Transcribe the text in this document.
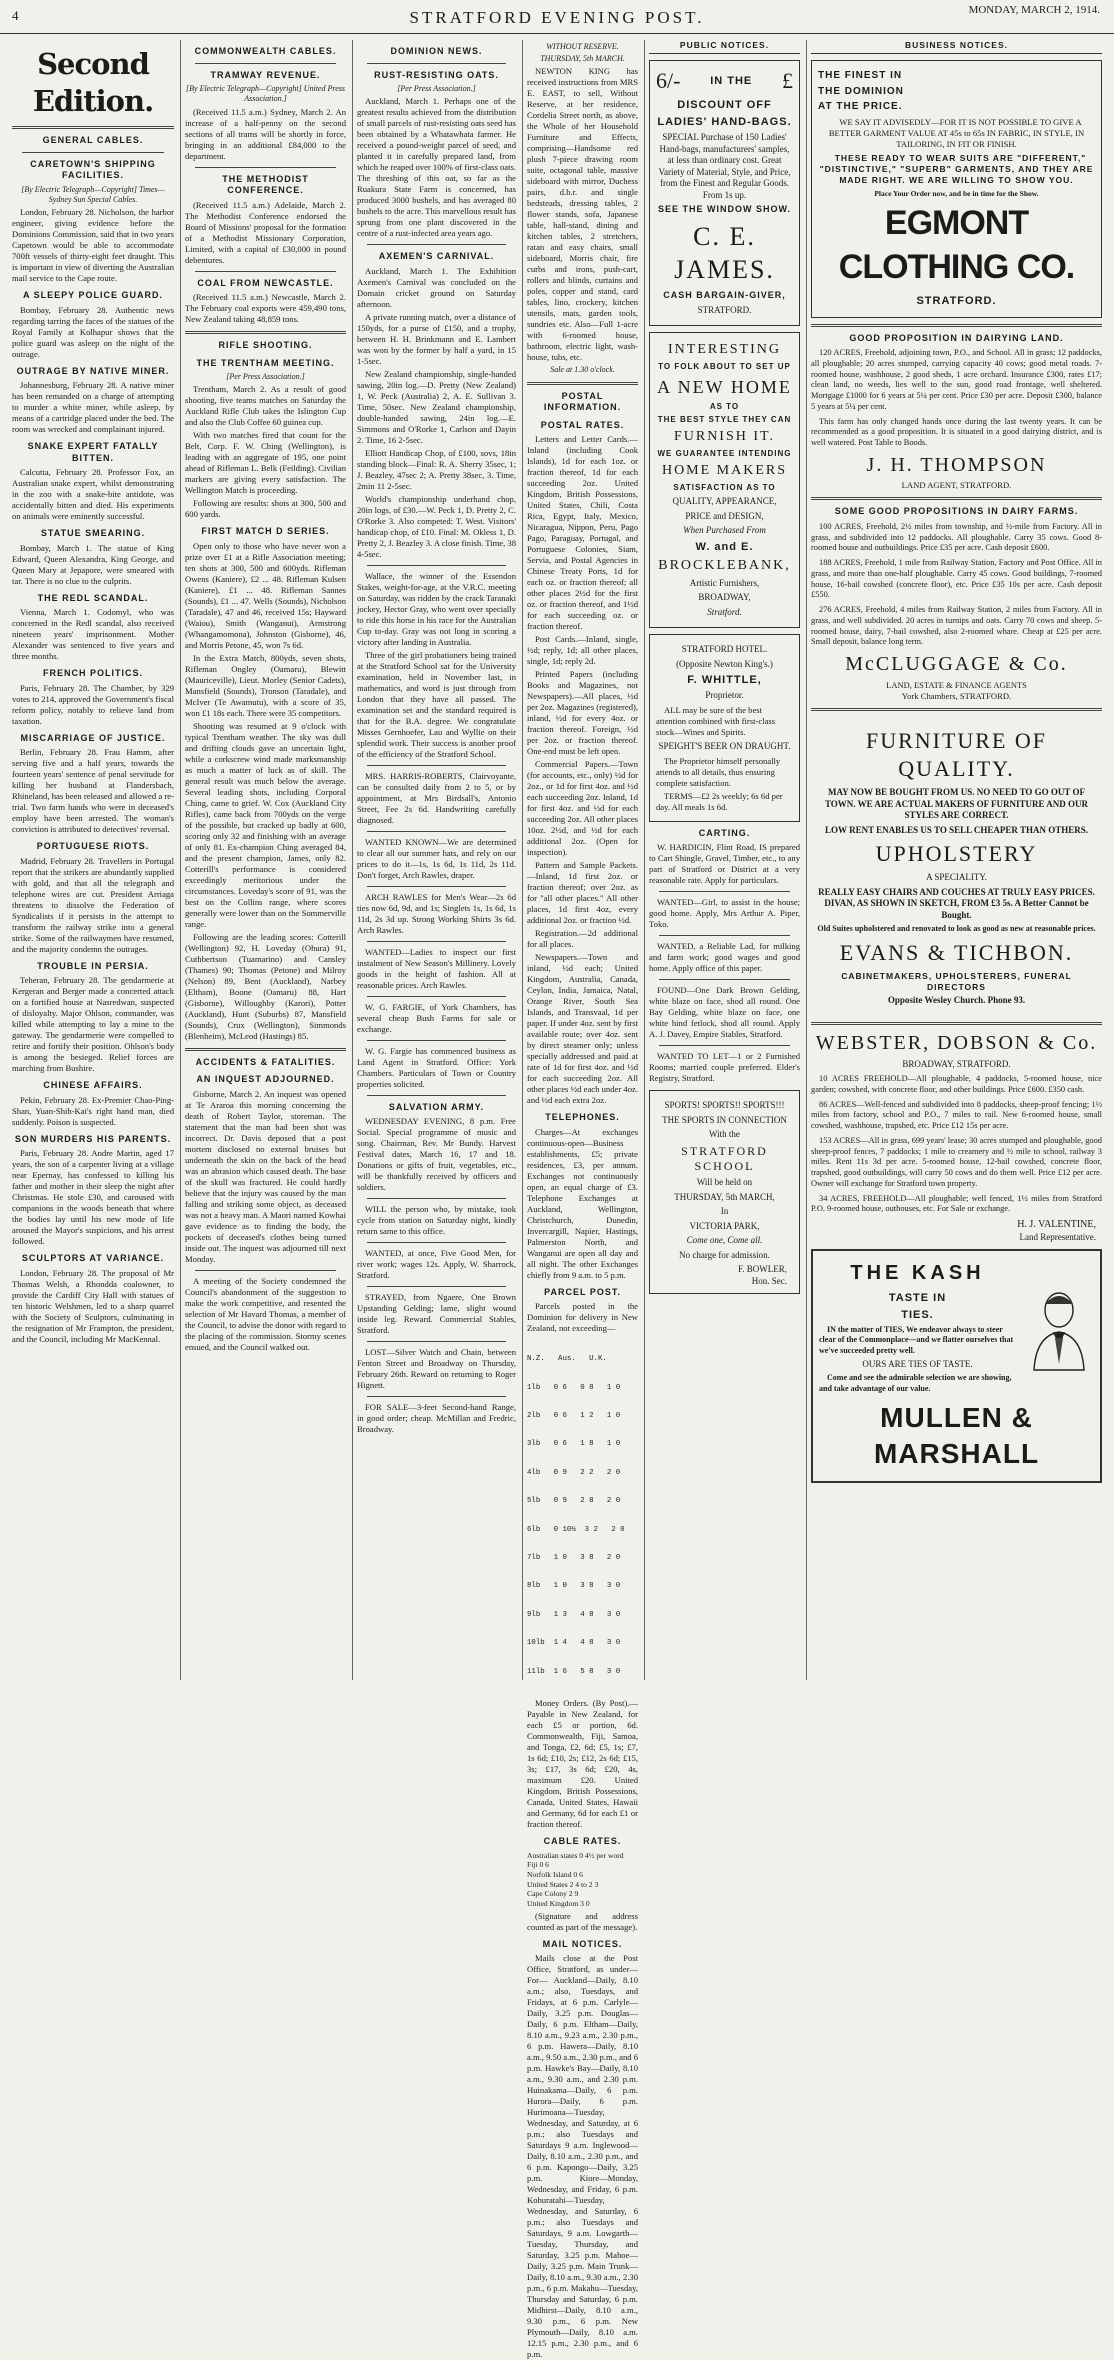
4	STRATFORD EVENING POST.	MONDAY, MARCH 2, 1914.
Second Edition.
GENERAL CABLES.
CARETOWN'S SHIPPING FACILITIES.
[By Electric Telegraph—Copyright] Times—Sydney Sun Special Cables.

London, February 28. Nicholson, the harbor engineer, giving evidence before the Dominions Commission, said that in two years Capetown would be able to accommodate 700ft vessels of thirty-eight feet draught. This is important in view of diverting the Australian mail service to the Cape route.

A SLEEPY POLICE GUARD.

Bombay, February 28. Authentic news regarding tarring the faces of the statues of the Royal Family at Kolhapur shows that the police guard was asleep on the night of the outrage.

OUTRAGE BY NATIVE MINER.

Johannesburg, February 28. A native miner has been remanded on a charge of attempting to murder a white miner, while asleep, by means of a cartridge placed under the bed. The room was wrecked and complainant injured.

SNAKE EXPERT FATALLY BITTEN.

Calcutta, February 28. Professor Fox, an Australian snake expert, whilst demonstrating in the zoo with a snake-bite antidote, was accidentally bitten and died. His experiments on animals were eminently successful.

STATUE SMEARING.

Bombay, March 1. The statue of King Edward, Queen Alexandra, King George, and Queen Mary at Jepapore, were smeared with tar. There is no clue to the culprits.

THE REDL SCANDAL.

Vienna, March 1. Codomyl, who was concerned in the Redl scandal, also received nineteen years' imprisonment. Mother Alexander was sentenced to five years and three months.

FRENCH POLITICS.

Paris, February 28. The Chamber, by 329 votes to 214, approved the Government's fiscal reform policy, notably to relieve land from taxation.

MISCARRIAGE OF JUSTICE.

Berlin, February 28. Frau Hamm, after serving five and a half years, towards the fourteen years' sentence of penal servitude for killing her husband at Flandersbach, Rhineland, has been released and allowed a re-trial. Two farm hands who were in deceased's employ have been arrested. The woman's conviction is attributed to detectives' reversal.

PORTUGUESE RIOTS.

Madrid, February 28. Travellers in Portugal report that the strikers are abundantly supplied with gold, and that all the telegraph and telephone wires are cut. President Arriaga threatens to dissolve the Federation of Syndicalists if it persists in the attempt to transform the railway strike into a general strike. Some of the railwaymen have resumed, and the majority condemn the outrages.

TROUBLE IN PERSIA.

Teheran, February 28. The gendarmerie at Kergeran and Berger made a concerted attack on a fortified house at Nasredwan, suspected of disloyalty. Major Ohlson, commander, was killed while attempting to lay a mine to the gateway. The gendarmerie were compelled to retire and fortify their position. Ohlson's body is among the besieged. Relief forces are marching from Bushire.

CHINESE AFFAIRS.

Pekin, February 28. Ex-Premier Chao-Ping-Shan, Yuan-Shih-Kai's right hand man, died suddenly. Poison is suspected.

SON MURDERS HIS PARENTS.

Paris, February 28. Andre Martin, aged 17 years, the son of a carpenter living at a village near Epernay, has confessed to killing his father and mother in their sleep the night after Christmas. He stole £30, and caroused with companions in the woods beneath that where the bodies lay until his new mode of life aroused the Mayor's suspicions, and his arrest followed.

SCULPTORS AT VARIANCE.

London, February 28. The proposal of Mr Thomas Welsh, a Rhondda coalowner, to provide the Cardiff City Hall with statues of ten historic Welshmen, led to a sharp quarrel with the Society of Sculptors, culminating in the resignation of Mr Frampton, the president, and the Council, including Mr MacKennal.

COMMONWEALTH CABLES.
TRAMWAY REVENUE.
[By Electric Telegraph—Copyright] United Press Association.]

(Received 11.5 a.m.) Sydney, March 2. An increase of a half-penny on the second sections of all trams will be shortly in force, bringing in an additional £84,000 to the department.

THE METHODIST CONFERENCE.

(Received 11.5 a.m.) Adelaide, March 2. The Methodist Conference endorsed the Board of Missions' proposal for the formation of a Methodist Missionary Corporation, Limited, with a capital of £30,000 in pound debentures.

COAL FROM NEWCASTLE.

(Received 11.5 a.m.) Newcastle, March 2. The February coal exports were 459,490 tons, New Zealand taking 48,859 tons.

RIFLE SHOOTING.
THE TRENTHAM MEETING.
[Per Press Association.]

Trentham, March 2. As a result of good shooting, five teams matches on Saturday the Auckland Rifle Club takes the Islington Cup and also the Club Coffee 60 guinea cup.

With two matches fired that count for the Belt, Corp. F. W. Ching (Wellington), is leading with an aggregate of 195, one point ahead of Rifleman L. Belk (Feilding). Civilian markers are giving every satisfaction. The Wellington Match is proceeding.

Following are results: shots at 300, 500 and 600 yards.

FIRST MATCH D SERIES.

Open only to those who have never won a prize over £1 at a Rifle Association meeting; ten shots at 300, 500 and 600yds. Rifleman Owens (Kaniere), £2 ... 48. Rifleman Kulsen (Kaniere), £1 ... 48. Rifleman Sannes (Sounds), £1 ... 47. Wells (Sounds), Nicholson (Taradale), 47 and 46, received 15s; Hayward (Waiou), Smith (Wanganui), Armstrong (Whangamomona), Johnston (Gisborne), 46, and Morris Petone, 45, won 7s 6d.

In the Extra Match, 800yds, seven shots, Rifleman Ongley (Oamaru), Blewitt (Mauriceville), Lieut. Morley (Senior Cadets), Mansfield (Sounds), Tronson (Taradale), and McIver (Te Awamutu), with a score of 35, won £1 18s each. There were 35 competitors.

Shooting was resumed at 9 o'clock with typical Trentham weather. The sky was dull and drifting clouds gave an uncertain light, while a corkscrew wind made marksmanship as much a matter of luck as of skill. The general result was much below the average. Several leading shots, including Corporal Ching, came to grief. W. Cox (Auckland City Rifles), came back from 700yds on the verge of the possible, but cracked up badly at 600, scoring only 32 and finishing with an average of only 81. Ex-champion Ching averaged 84, and the present champion, James, only 82. Cotterill's performance is considered exceedingly meritorious under the circumstances. Loveday's score of 91, was the best on the Collins range, where scores generally were lower than on the Sommerville range.

Following are the leading scores: Cotterill (Wellington) 92, H. Loveday (Ohura) 91, Cuthbertson (Tuamarino) and Cansley (Thames) 90; Thomas (Petone) and Milroy (Nelson) 89, Bent (Auckland), Narbey (Eltham), Boone (Oamaru) 88, Hart (Gisborne), Willoughby (Karori), Potter (Auckland), Hunt (Suburbs) 87, Mansfield (Sounds), Crux (Wellington), Simmonds (Blenheim), McLeod (Hastings) 85.

ACCIDENTS & FATALITIES.
AN INQUEST ADJOURNED.

Gisborne, March 2. An inquest was opened at Te Araroa this morning concerning the death of Robert Taylor, storeman. The statement that the man had been shot was incorrect. Dr. Davis deposed that a post mortem disclosed no external bruises but underneath the skin on the back of the head was an abrasion which caused death. The base of the skull was fractured. He could hardly believe that the injury was caused by the man falling and striking some object, as deceased was not a heavy man. A Maori named Kowhai gave evidence as to finding the body, the pockets of deceased's clothes being turned inside out. The inquest was adjourned till next Monday.

A meeting of the Society condemned the Council's abandonment of the suggestion to make the work competitive, and resented the selection of Mr Havard Thomas, a member of the Council, to advise the donor with regard to the placing of the commission. Stormy scenes ensued, and the Council walked out.

DOMINION NEWS.
RUST-RESISTING OATS.
[Per Press Association.]

Auckland, March 1. Perhaps one of the greatest results achieved from the distribution of small parcels of rust-resisting oats seed has been obtained by a Whatawhata farmer. He received a pound-weight parcel of seed, and planted it in carefully prepared land, from which he reaped over 100% of first-class oats. The threshing of this oat, so far as the Ruakura State Farm is concerned, has produced 3000 bushels, and has averaged 80 bushels to the acre. This marvellous result has sprung from one plant discovered in the centre of a rust-infected area years ago.

AXEMEN'S CARNIVAL.

Auckland, March 1. The Exhibition Axemen's Carnival was concluded on the Domain cricket ground on Saturday afternoon.

A private running match, over a distance of 150yds, for a purse of £150, and a trophy, between H. H. Brinkmann and E. Lambert was won by the former by half a yard, in 15 1-5sec.

New Zealand championship, single-handed sawing, 20in log.—D. Pretty (New Zealand) 1, W. Peck (Australia) 2, A. E. Sullivan 3. Time, 50sec. New Zealand championship, double-handed sawing, 24in log.—E. Simmons and O'Rorke 1, Carlson and Dayin 2. Time, 16 2-5sec.

Elliott Handicap Chop, of £100, sovs, 18in standing block—Final: R. A. Sherry 35sec, 1; J. Beazley, 47sec 2; A. Pretty 38sec, 3. Time, 2min 11 2-5sec.

World's championship underhand chop, 20in logs, of £30.—W. Peck 1, D. Pretty 2, C. O'Rorke 3. Also competed: T. West. Visitors' handicap chop, of £10. Final: M. Okless 1, D. Pretty 2, J. Beazley 3. A close finish. Time, 38 4-5sec.

Wallace, the winner of the Essendon Stakes, weight-for-age, at the V.R.C. meeting on Saturday, was ridden by the crack Taranaki jockey, Hector Gray, who went over specially to ride this horse in his race for the Australian Cup to-day. Gray was not long in scoring a victory after landing in Australia.

Three of the girl probationers being trained at the Stratford School sat for the University examination, held in November last, in mathematics, and word is just through from London that they have all passed. The examination set and the standard required is that for the B.A. degree. We congratulate Misses Gernhoefer, Lau and Wyllie on their splendid work. Their success is another proof of the efficiency of the Stratford School.

MRS. HARRIS-ROBERTS, Clairvoyante, can be consulted daily from 2 to 5, or by appointment, at Mrs Birdsall's, Antonio Street, Fee 2s 6d. Handwriting carefully diagnosed.

WANTED KNOWN—We are determined to clear all our summer hats, and rely on our prices to do it—1s, 1s 6d, 1s 11d, 2s 11d. Don't forget, Arch Rawles, draper.

ARCH RAWLES for Men's Wear—2s 6d ties now 6d, 9d, and 1s; Singlets 1s, 1s 6d, 1s 11d, 2s 3d up. Strong Working Shirts 3s 6d. Arch Rawles.

WANTED—Ladies to inspect our first instalment of New Season's Millinery. Lovely goods in the height of fashion. All at reasonable prices. Arch Rawles.

W. G. FARGIE, of York Chambers, has several cheap Bush Farms for sale or exchange.

W. G. Fargie has commenced business as Land Agent in Stratford. Office: York Chambers. Particulars of Town or Country properties solicited.

SALVATION ARMY.

WEDNESDAY EVENING, 8 p.m. Free Social. Special programme of music and song. Chairman, Rev. Mr Bundy. Harvest Festival dates, March 16, 17 and 18. Donations or gifts of fruit, vegetables, etc., will be thankfully received by officers and soldiers.

WILL the person who, by mistake, took cycle from station on Saturday night, kindly return same to this office.

WANTED, at once, Five Good Men, for river work; wages 12s. Apply, W. Sharrock, Stratford.

STRAYED, from Ngaere, One Brown Upstanding Gelding; lame, slight wound inside leg. Reward. Commercial Stables, Stratford.

LOST—Silver Watch and Chain, between Fenton Street and Broadway on Thursday, February 26th. Reward on returning to Roger Hignett.

FOR SALE—3-feet Second-hand Range, in good order; cheap. McMillan and Fredric, Broadway.

WITHOUT RESERVE.
THURSDAY, 5th MARCH.

NEWTON KING has received instructions from MRS E. EAST, to sell, Without Reserve, at her residence, Cordelia Street north, as above, the Whole of her Household Furniture and Effects, comprising—Handsome red plush 7-piece drawing room suite, octagonal table, massive sideboard with mirror, Duchess pairs, d.b.r. and single bedsteads, dressing tables, 2 flower stands, sofa, Japanese table, hall-stand, dining and kitchen tables, 2 stretchers, ratan and easy chairs, small sideboard, Morris chair, fire curbs and irons, push-cart, rollers and blinds, curtains and poles, copper and stand, card tables, lino, crockery, kitchen utensils, mats, garden tools, sundries etc. Also—Full 1-acre with 6-roomed house, bathroom, electric light, wash-house, tubs, etc.

Sale at 1.30 o'clock.
POSTAL INFORMATION.
POSTAL RATES.

Letters and Letter Cards.—Inland (including Cook Islands), 1d for each 1oz. or fraction thereof, 1d for each succeeding 2oz. United Kingdom, British Possessions, United States, Chili, Costa Rica, Egypt, Italy, Mexico, Nicaragua, Nippon, Peru, Pago Pago, Paraguay, Portugal, and Portuguese Colonies, Siam, Servia, and Postal Agencies in Chinese Treaty Ports, 1d for each oz. or fraction thereof; all other places 2½d for the first oz. or fraction thereof, and 1½d for each succeeding oz. or fraction thereof.

Post Cards.—Inland, single, ½d; reply, 1d; all other places, single, 1d; reply 2d.

Printed Papers (including Books and Magazines, not Newspapers).—All places, ½d per 2oz. Magazines (registered), inland, ½d for every 4oz. or fraction thereof. Foreign, ½d per 2oz. or fraction thereof. One-end must be left open.

Commercial Papers.—Town (for accounts, etc., only) ½d for 2oz., or 1d for first 4oz. and ½d each succeeding 2oz. Inland, 1d for first 4oz. and ½d for each succeeding 2oz. All other places 10oz. 2½d, and ½d for each additional 2oz. (Open for inspection).

Pattern and Sample Packets.—Inland, 1d first 2oz. or fraction thereof; over 2oz. as for "all other places." All other places, 1d first 4oz, every additional 2oz. or fraction ½d.

Registration.—2d additional for all places.

Newspapers.—Town and inland, ½d each; United Kingdom, Australia, Canada, Ceylon, India, Jamaica, Natal, Orange River, South Sea Islands, and Transvaal, 1d per paper. If under 4oz. sent by first available route; over 4oz. sent by direct steamer only; unless specially addressed and paid at rate of 1d for first 4oz. and ½d for each succeeding 2oz. All other places ½d each under 4oz. and ½d each extra 2oz.

TELEPHONES.

Charges—At exchanges continuous-open—Business establishments, £5; private residences, £3, per annum. Exchanges not continuously open, an equal charge of £3. Telephone Exchanges at Auckland, Wellington, Christchurch, Dunedin, Invercargill, Napier, Hastings, Palmerston North, and Wanganui are open all day and all night. The other Exchanges chiefly from 9 a.m. to 5 p.m.

PARCEL POST.

Parcels posted in the Dominion for delivery in New Zealand, not exceeding—

N.Z.   Aus.   U.K.

1lb   0 6   0 8   1 0

2lb   0 6   1 2   1 0

3lb   0 6   1 8   1 0

4lb   0 9   2 2   2 0

5lb   0 9   2 8   2 0

6lb   0 10½  3 2   2 0

7lb   1 0   3 8   2 0

8lb   1 0   3 8   3 0

9lb   1 3   4 8   3 0

10lb  1 4   4 8   3 0

11lb  1 6   5 8   3 0

Money Orders. (By Post).—Payable in New Zealand, for each £5 or portion, 6d. Commonwealth, Fiji, Samoa, and Tonga, £2, 6d; £5, 1s; £7, 1s 6d; £10, 2s; £12, 2s 6d; £15, 3s; £17, 3s 6d; £20, 4s, maximum £20. United Kingdom, British Possessions, Canada, United States, Hawaii and Germany, 6d for each £1 or fraction thereof.

CABLE RATES.
Australian states 0 4½ per word
Fiji 0 6
Norfolk Island 0 6
United States 2 4 to 2 3
Cape Colony 2 9
United Kingdom 3 0

(Signature and address counted as part of the message).

MAIL NOTICES.

Mails close at the Post Office, Stratford, as under— For— Auckland—Daily, 8.10 a.m.; also, Tuesdays, and Fridays, at 6 p.m. Carlyle—Daily, 3.25 p.m. Douglas—Daily, 6 p.m. Eltham—Daily, 8.10 a.m., 9.23 a.m., 2.30 p.m., 6 p.m. Hawera—Daily, 8.10 a.m., 9.50 a.m., 2.30 p.m., and 6 p.m. Hawke's Bay—Daily, 8.10 a.m., 9.30 a.m., and 2.30 p.m. Huinakama—Daily, 6 p.m. Hurora—Daily, 6 p.m. Hurimoana—Tuesday, Wednesday, and Saturday, at 6 p.m.; also Tuesdays and Saturdays 9 a.m. Inglewood—Daily, 8.10 a.m., 2.30 p.m., and 6 p.m. Kapongo—Daily, 3.25 p.m. Kiore—Monday, Wednesday, and Friday, 6 p.m. Kohuratahi—Tuesday, Wednesday, and Saturday, 6 p.m.; also Tuesdays and Saturdays, 9 a.m. Lowgarth—Tuesday, Thursday, and Saturday, 3.25 p.m. Mahoe—Daily, 3.25 p.m. Main Trunk—Daily, 8.10 a.m., 9.30 a.m., 2.30 p.m., 6 p.m. Makahu—Tuesday, Thursday and Saturday, 6 p.m. Midhirst—Daily, 8.10 a.m., 9.30 p.m., 6 p.m. New Plymouth—Daily, 8.10 a.m. 12.15 p.m., 2.30 p.m., and 6 p.m.

PUBLIC NOTICES.
6/-	IN THE £
DISCOUNT OFF
LADIES' HAND-BAGS.
SPECIAL Purchase of 150 Ladies' Hand-bags, manufacturers' samples, at less than ordinary cost. Great Variety of Material, Style, and Price, from the Finest and Regular Goods. From 1s up.
SEE THE WINDOW SHOW.
C. E. JAMES.
CASH BARGAIN-GIVER,
STRATFORD.
INTERESTING
TO FOLK ABOUT TO SET UP
A NEW HOME
AS TO
THE BEST STYLE THEY CAN
FURNISH IT.
WE GUARANTEE INTENDING
HOME MAKERS
SATISFACTION AS TO
QUALITY, APPEARANCE,
PRICE and DESIGN,
When Purchased From
W. and E.
BROCKLEBANK,
Artistic Furnishers,
BROADWAY,
Stratford.
STRATFORD HOTEL.
(Opposite Newton King's.)
F. WHITTLE,
Proprietor.

ALL may be sure of the best attention combined with first-class stock—Wines and Spirits.

SPEIGHT'S BEER ON DRAUGHT.

The Proprietor himself personally attends to all details, thus ensuring complete satisfaction.

TERMS—£2 2s weekly; 6s 6d per day. All meals 1s 6d.

CARTING.

W. HARDICIN, Flint Road, IS prepared to Cart Shingle, Gravel, Timber, etc., to any part of Stratford or District at a very reasonable rate. Apply for particulars.

WANTED—Girl, to assist in the house; good home. Apply, Mrs Arthur A. Piper, Toko.

WANTED, a Reliable Lad, for milking and farm work; good wages and good home. Apply office of this paper.

FOUND—One Dark Brown Gelding, white blaze on face, shod all round. One Bay Gelding, white blaze on face, one white hind fetlock, shod all round. Apply A. J. Davey, Empire Stables, Stratford.

WANTED TO LET—1 or 2 Furnished Rooms; married couple preferred. Elder's Registry, Stratford.

SPORTS! SPORTS!! SPORTS!!!
THE SPORTS IN CONNECTION
With the
STRATFORD SCHOOL
Will be held on
THURSDAY, 5th MARCH,
In
VICTORIA PARK,
Come one, Come all.
No charge for admission.
F. BOWLER,
Hon. Sec.
BUSINESS NOTICES.
THE FINEST IN
THE DOMINION
AT THE PRICE.

WE SAY IT ADVISEDLY—FOR IT IS NOT POSSIBLE TO GIVE A BETTER GARMENT VALUE AT 45s to 65s IN FABRIC, IN STYLE, IN TAILORING, IN FIT OR FINISH.

THESE READY TO WEAR SUITS ARE "DIFFERENT," "DISTINCTIVE," "SUPERB" GARMENTS, AND THEY ARE MADE RIGHT. WE ARE WILLING TO SHOW YOU.

Place Your Order now, and be in time for the Show.
EGMONT CLOTHING CO.
STRATFORD.
GOOD PROPOSITION IN DAIRYING LAND.

120 ACRES, Freehold, adjoining town, P.O., and School. All in grass; 12 paddocks, all ploughable; 20 acres stumped, carrying capacity 40 cows; good metal roads. 7-roomed house, washhouse, 2 good sheds, 1 acre orchard. Insurance £300, rates £17; clean land, no weeds, lies well to the sun, good road frontage, well sheltered. Mortgage £1000 for 6 years at 5¼ per cent. Price £30 per acre. Deposit £300, balance 5 years at 5¼ per cent.

This farm has only changed hands once during the last twenty years. It can be recommended as a good proposition. It is situated in a good dairying district, and is well watered. Post Table to Boods.

J. H. THOMPSON
LAND AGENT, STRATFORD.
SOME GOOD PROPOSITIONS IN DAIRY FARMS.

100 ACRES, Freehold, 2½ miles from township, and ½-mile from Factory. All in grass, and subdivided into 12 paddocks. All ploughable. Carry 35 cows. Good 8-roomed house and outbuildings. Price £35 per acre. Cash deposit £600.

188 ACRES, Freehold, 1 mile from Railway Station, Factory and Post Office. All in grass, and more than one-half ploughable. Carry 45 cows. Good buildings, 7-roomed house, 16-bail cowshed (concrete floor), etc. Price £35 10s per acre. Cash deposit £550.

276 ACRES, Freehold, 4 miles from Railway Station, 2 miles from Factory. All in grass, and well subdivided. 20 acres in turnips and oats. Carry 70 cows and sheep. 5-roomed house, dairy, 7-bail cowshed, also 2-roomed whare. Cheap at £25 per acre. Small deposit, balance long term.

McCLUGGAGE & Co.
LAND, ESTATE & FINANCE AGENTS
York Chambers, STRATFORD.
FURNITURE OF QUALITY.
MAY NOW BE BOUGHT FROM US. NO NEED TO GO OUT OF TOWN. WE ARE ACTUAL MAKERS OF FURNITURE AND OUR STYLES ARE CORRECT.
LOW RENT ENABLES US TO SELL CHEAPER THAN OTHERS.
UPHOLSTERY
A SPECIALITY.
REALLY EASY CHAIRS AND COUCHES AT TRULY EASY PRICES. DIVAN, AS SHOWN IN SKETCH, FROM £3 5s. A Better Cannot be Bought.
Old Suites upholstered and renovated to look as good as new at reasonable prices.
EVANS & TICHBON.
CABINETMAKERS, UPHOLSTERERS, FUNERAL DIRECTORS
Opposite Wesley Church. Phone 93.
WEBSTER, DOBSON & Co.
BROADWAY, STRATFORD.

10 ACRES FREEHOLD—All ploughable, 4 paddocks, 5-roomed house, nice garden; cowshed, with concrete floor, and other buildings. Price £600. £350 cash.

86 ACRES—Well-fenced and subdivided into 8 paddocks, sheep-proof fencing; 1½ miles from factory, school and P.O., 7 miles to rail. New 6-roomed house, small cowshed, washhouse, trapshed, etc. Price £12 15s per acre.

153 ACRES—All in grass, 699 years' lease; 30 acres stumped and ploughable, good sheep-proof fences, 7 paddocks; 1 mile to creamery and ½ mile to school, railway 3 miles. Rent 11s 3d per acre. 5-roomed house, 12-bail cowshed, concrete floor, trapshed, good outbuildings, will carry 50 cows and do them well. Price £12 per acre. Owner will exchange for Stratford town property.

34 ACRES, FREEHOLD—All ploughable; well fenced, 1½ miles from Stratford P.O. 9-roomed house, outhouses, etc. For Sale or exchange.

H. J. VALENTINE,
Land Representative.
THE KASH
TASTE IN
TIES.

IN the matter of TIES, We endeavor always to steer clear of the Commonplace—and we flatter ourselves that we've succeeded pretty well.

OURS ARE TIES OF TASTE.

Come and see the admirable selection we are showing, and take advantage of our value.

MULLEN & MARSHALL
